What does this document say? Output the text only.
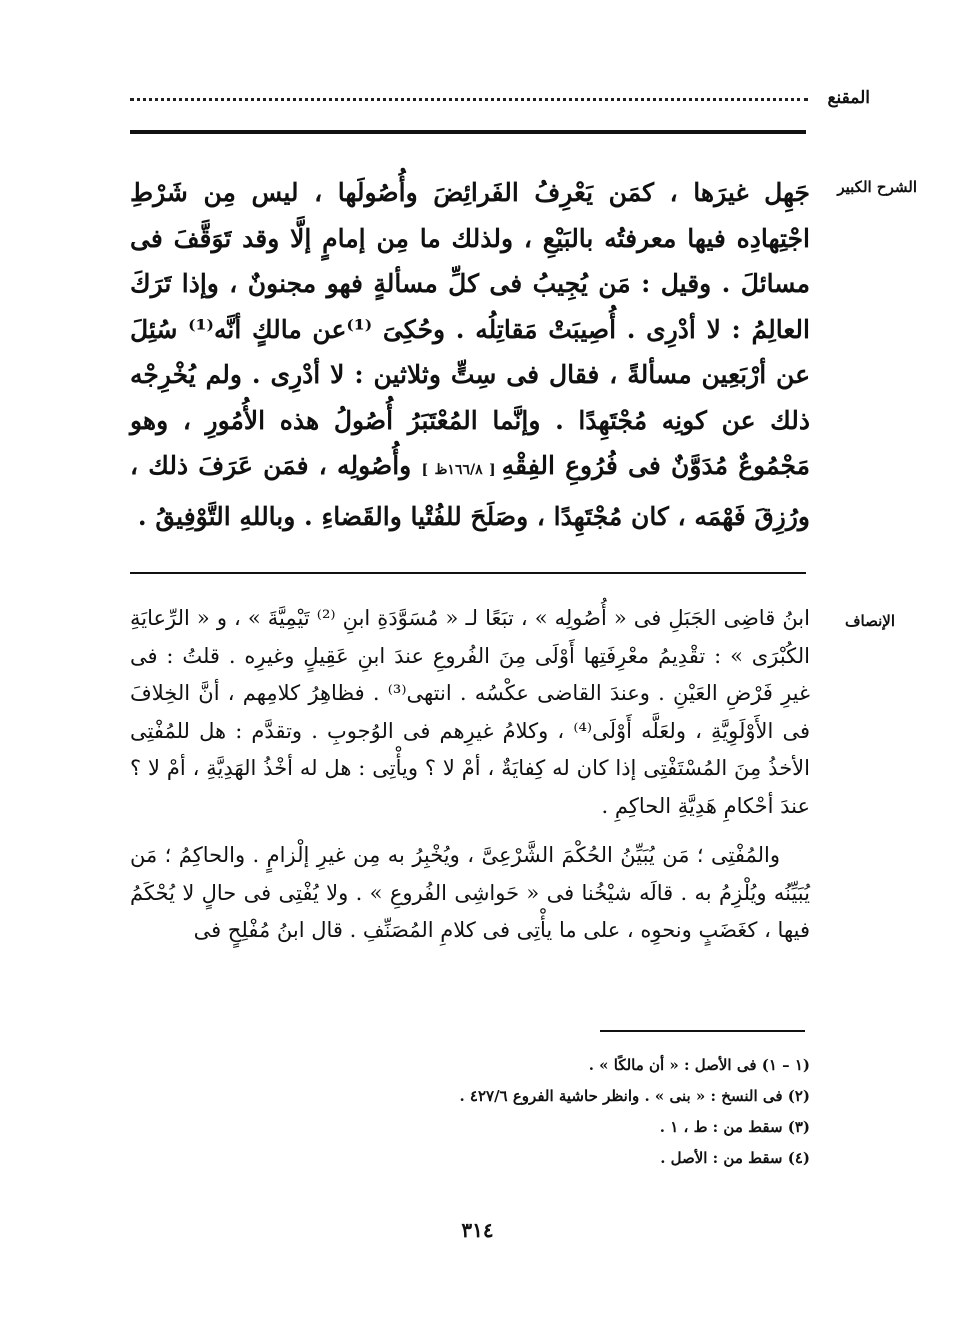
المقنع
الشرح الكبير

جَهِل غيرَها ، كمَن يَعْرِفُ الفَرائِضَ وأُصُولَها ، ليس مِن شَرْطِ اجْتِهادِه فيها معرفتُه بالبَيْعِ ، ولذلك ما مِن إمامٍ إلَّا وقد تَوَقَّفَ فى مسائلَ . وقيل : مَن يُجِيبُ فى كلِّ مسألةٍ فهو مجنونٌ ، وإذا تَرَكَ العالِمُ : لا أدْرِى . أُصِيبَتْ مَقاتِلُه . وحُكِىَ ⁽¹⁾عن مالكٍ أنَّه⁽¹⁾ سُئِلَ عن أرْبَعِين مسألةً ، فقال فى سِتٍّ وثلاثين : لا أدْرِى . ولم يُخْرِجْه ذلك عن كونِه مُجْتَهِدًا . وإنَّما المُعْتَبَرُ أُصُولُ هذه الأُمُورِ ، وهو مَجْمُوعٌ مُدَوَّنٌ فى فُرُوعِ الفِقْهِ[ ١٦٦/٨ظ ] وأُصُولِه ، فمَن عَرَفَ ذلك ، ورُزِقَ فَهْمَه ، كان مُجْتَهِدًا ، وصَلَحَ للفُتْيا والقَضاءِ . وباللهِ التَّوْفِيقُ .

الإنصاف

ابنُ قاضِى الجَبَلِ فى « أُصُولِه » ، تبَعًا لـ « مُسَوَّدَةِ ابنِ ⁽²⁾ تَيْمِيَّةَ » ، و « الرِّعايَةِ الكُبْرَى » : تقْدِيمُ معْرِفَتِها أَوْلَى مِنَ الفُروعِ عندَ ابنِ عَقِيلٍ وغيرِه . قلتُ : فى غيرِ فَرْضِ العَيْنِ . وعندَ القاضى عكْسُه . انتهى⁽³⁾ . فظاهِرُ كلامِهم ، أنَّ الخِلافَ فى الأَوْلَوِيَّةِ ، ولعَلَّه أَوْلَى⁽⁴⁾ ، وكلامُ غيرِهم فى الوُجوبِ . وتقدَّم : هل للمُفْتِى الأخذُ مِنَ المُسْتَفْتِى إذا كان له كِفايَةٌ ، أمْ لا ؟ ويأْتِى : هل له أخْذُ الهَدِيَّةِ ، أمْ لا ؟ عندَ أحْكامِ هَدِيَّةِ الحاكِمِ .

والمُفْتِى ؛ مَن يُبَيِّنُ الحُكْمَ الشَّرْعِىَّ ، ويُخْبِرُ به مِن غيرِ إلْزامٍ . والحاكِمُ ؛ مَن يُبَيِّنُه ويُلْزِمُ به . قالَه شيْخُنا فى « حَواشِى الفُروعِ » . ولا يُفْتِى فى حالٍ لا يُحْكَمُ فيها ، كغَضَبٍ ونحوِه ، على ما يأْتِى فى كلامِ المُصَنِّفِ . قال ابنُ مُفْلِحٍ فى

(١ – ١) فى الأصل : « أن مالكًا » .
(٢) فى النسخ : « بنى » . وانظر حاشية الفروع ٤٢٧/٦ .
(٣) سقط من : ط ، ١ .
(٤) سقط من : الأصل .
٣١٤
